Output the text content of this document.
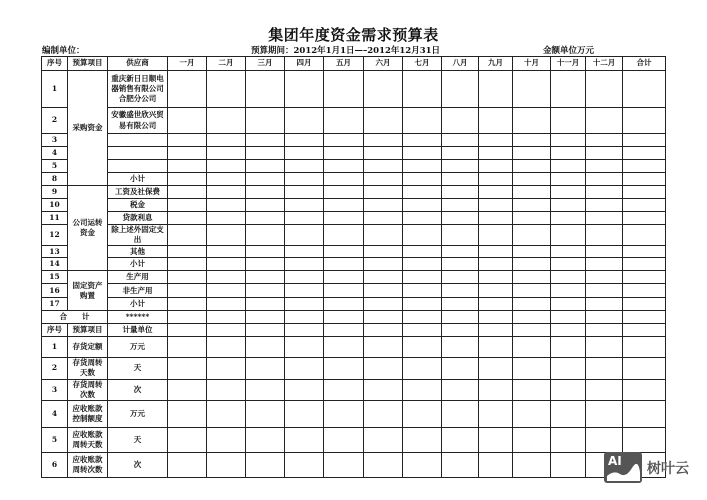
集团年度资金需求预算表
编制单位：	预算期间：2012年1月1日—–2012年12月31日	金额单位万元
序号	预算项目	供应商	一月	二月	三月	四月	五月	六月	七月	八月	九月	十月	十一月	十二月	合计
1	采购资金	重庆新日日顺电器销售有限公司合肥分公司													
2		安徽盛世欣兴贸易有限公司													
3															
4															
5															
8		小计													
9	公司运转资金	工资及社保费													
10		税金													
11		贷款利息													
12		除上述外固定支出													
13		其他													
14		小计													
15	固定资产购置	生产用													
16		非生产用													
17		小计													
合　　计		******													
序号	预算项目	计量单位													
1	存货定额	万元													
2	存货周转天数	天													
3	存货周转次数	次													
4	应收账款控制额度	万元													
5	应收账款周转天数	天													
6	应收账款周转次数	次														AI 树叶云
